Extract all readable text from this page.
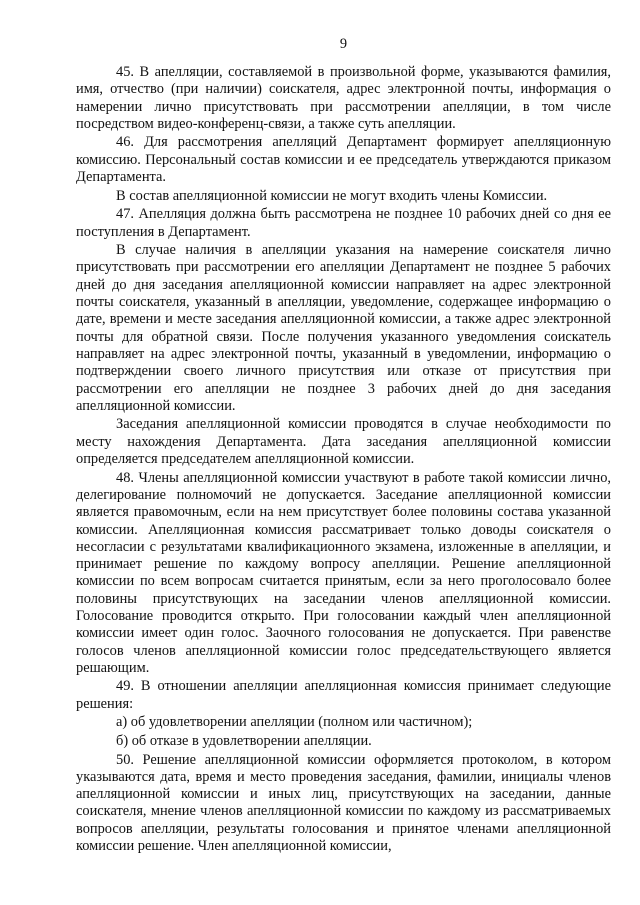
9

45. В апелляции, составляемой в произвольной форме, указываются фамилия, имя, отчество (при наличии) соискателя, адрес электронной почты, информация о намерении лично присутствовать при рассмотрении апелляции, в том числе посредством видео-конференц-связи, а также суть апелляции.

46. Для рассмотрения апелляций Департамент формирует апелляционную комиссию. Персональный состав комиссии и ее председатель утверждаются приказом Департамента.

В состав апелляционной комиссии не могут входить члены Комиссии.

47. Апелляция должна быть рассмотрена не позднее 10 рабочих дней со дня ее поступления в Департамент.

В случае наличия в апелляции указания на намерение соискателя лично присутствовать при рассмотрении его апелляции Департамент не позднее 5 рабочих дней до дня заседания апелляционной комиссии направляет на адрес электронной почты соискателя, указанный в апелляции, уведомление, содержащее информацию о дате, времени и месте заседания апелляционной комиссии, а также адрес электронной почты для обратной связи. После получения указанного уведомления соискатель направляет на адрес электронной почты, указанный в уведомлении, информацию о подтверждении своего личного присутствия или отказе от присутствия при рассмотрении его апелляции не позднее 3 рабочих дней до дня заседания апелляционной комиссии.

Заседания апелляционной комиссии проводятся в случае необходимости по месту нахождения Департамента. Дата заседания апелляционной комиссии определяется председателем апелляционной комиссии.

48. Члены апелляционной комиссии участвуют в работе такой комиссии лично, делегирование полномочий не допускается. Заседание апелляционной комиссии является правомочным, если на нем присутствует более половины состава указанной комиссии. Апелляционная комиссия рассматривает только доводы соискателя о несогласии с результатами квалификационного экзамена, изложенные в апелляции, и принимает решение по каждому вопросу апелляции. Решение апелляционной комиссии по всем вопросам считается принятым, если за него проголосовало более половины присутствующих на заседании членов апелляционной комиссии. Голосование проводится открыто. При голосовании каждый член апелляционной комиссии имеет один голос. Заочного голосования не допускается. При равенстве голосов членов апелляционной комиссии голос председательствующего является решающим.

49. В отношении апелляции апелляционная комиссия принимает следующие решения:

а) об удовлетворении апелляции (полном или частичном);

б) об отказе в удовлетворении апелляции.

50. Решение апелляционной комиссии оформляется протоколом, в котором указываются дата, время и место проведения заседания, фамилии, инициалы членов апелляционной комиссии и иных лиц, присутствующих на заседании, данные соискателя, мнение членов апелляционной комиссии по каждому из рассматриваемых вопросов апелляции, результаты голосования и принятое членами апелляционной комиссии решение. Член апелляционной комиссии,
